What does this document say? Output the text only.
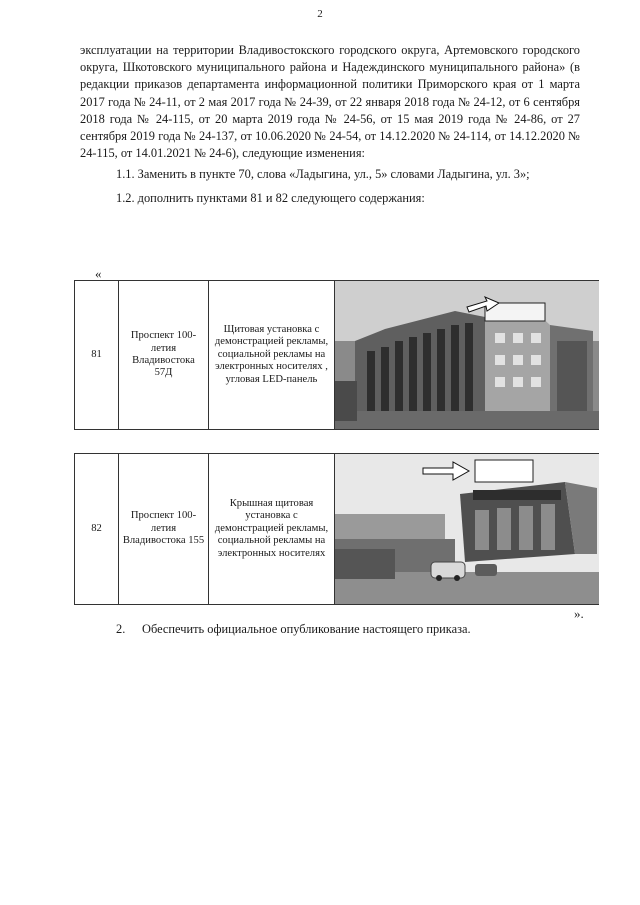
2

эксплуатации на территории Владивостокского городского округа, Артемовского городского округа, Шкотовского муниципального района и Надеждинского муниципального района» (в редакции приказов департамента информационной политики Приморского края от 1 марта 2017 года № 24-11, от 2 мая 2017 года № 24-39, от 22 января 2018 года № 24-12, от 6 сентября 2018 года № 24-115, от 20 марта 2019 года № 24-56, от 15 мая 2019 года № 24-86, от 27 сентября 2019 года № 24-137, от 10.06.2020 № 24-54, от 14.12.2020 № 24-114, от 14.12.2020 № 24-115, от 14.01.2021 № 24-6), следующие изменения:

1.1. Заменить в пункте 70, слова «Ладыгина, ул., 5» словами Ладыгина, ул. 3»;

1.2. дополнить пунктами 81 и 82 следующего содержания:

«
81	Проспект 100-летия Владивостока 57Д	Щитовая установка с демонстрацией рекламы, социальной рекламы на электронных носителях , угловая LED-панель	
82	Проспект 100-летия Владивостока 155	Крышная щитовая установка с демонстрацией рекламы, социальной рекламы на электронных носителях	
».
2. Обеспечить официальное опубликование настоящего приказа.
